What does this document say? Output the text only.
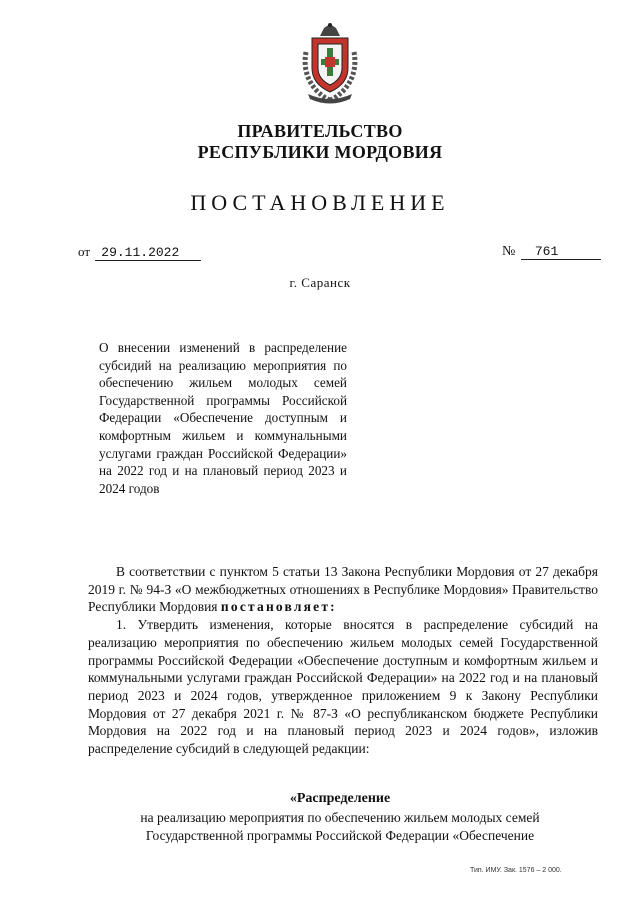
ПРАВИТЕЛЬСТВО
РЕСПУБЛИКИ МОРДОВИЯ
ПОСТАНОВЛЕНИЕ
от 29.11.2022	№ 761
г. Саранск
О внесении изменений в распределение субсидий на реализацию мероприятия по обеспечению жильем молодых семей Государственной программы Российской Федерации «Обеспечение доступным и комфортным жильем и коммунальными услугами граждан Российской Федерации» на 2022 год и на плановый период 2023 и 2024 годов

В соответствии с пунктом 5 статьи 13 Закона Республики Мордовия от 27 декабря 2019 г. № 94-З «О межбюджетных отношениях в Республике Мордовия» Правительство Республики Мордовия постановляет:

1. Утвердить изменения, которые вносятся в распределение субсидий на реализацию мероприятия по обеспечению жильем молодых семей Государственной программы Российской Федерации «Обеспечение доступным и комфортным жильем и коммунальными услугами граждан Российской Федерации» на 2022 год и на плановый период 2023 и 2024 годов, утвержденное приложением 9 к Закону Республики Мордовия от 27 декабря 2021 г. № 87-З «О республиканском бюджете Республики Мордовия на 2022 год и на плановый период 2023 и 2024 годов», изложив распределение субсидий в следующей редакции:

«Распределение
на реализацию мероприятия по обеспечению жильем молодых семей
Государственной программы Российской Федерации «Обеспечение
Тип. ИМУ. Зак. 1576 – 2 000.
